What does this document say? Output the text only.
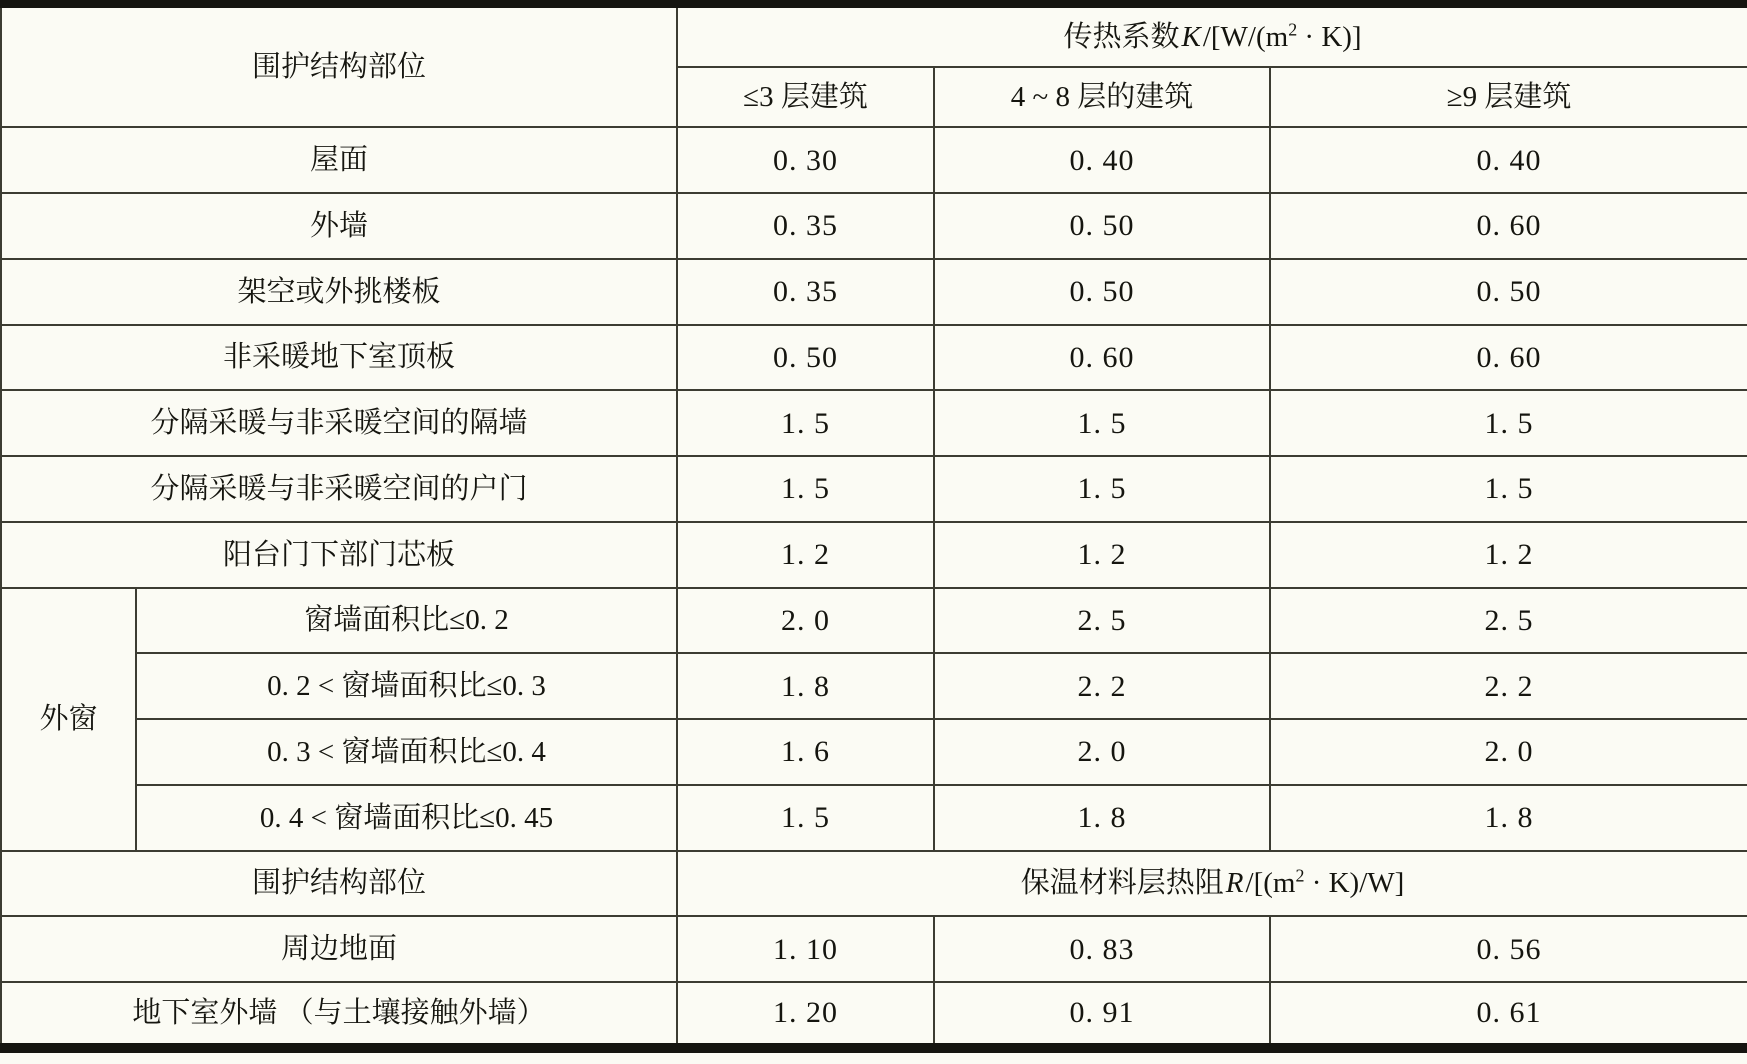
围护结构部位		传热系数$K/[W/(m^2 \cdot K)]$		
		≤3 层建筑	4 ~ 8 层的建筑	≥9 层建筑
屋面		0. 30	0. 40	0. 40
外墙		0. 35	0. 50	0. 60
架空或外挑楼板		0. 35	0. 50	0. 50
非采暖地下室顶板		0. 50	0. 60	0. 60
分隔采暖与非采暖空间的隔墙		1. 5	1. 5	1. 5
分隔采暖与非采暖空间的户门		1. 5	1. 5	1. 5
阳台门下部门芯板		1. 2	1. 2	1. 2
外窗	窗墙面积比≤0. 2	2. 0	2. 5	2. 5
	0. 2 < 窗墙面积比≤0. 3	1. 8	2. 2	2. 2
	0. 3 < 窗墙面积比≤0. 4	1. 6	2. 0	2. 0
	0. 4 < 窗墙面积比≤0. 45	1. 5	1. 8	1. 8
围护结构部位		保温材料层热阻$R/[(m^2 \cdot K)/W]$		
周边地面		1. 10	0. 83	0. 56
地下室外墙 （与土壤接触外墙）		1. 20	0. 91	0. 61
